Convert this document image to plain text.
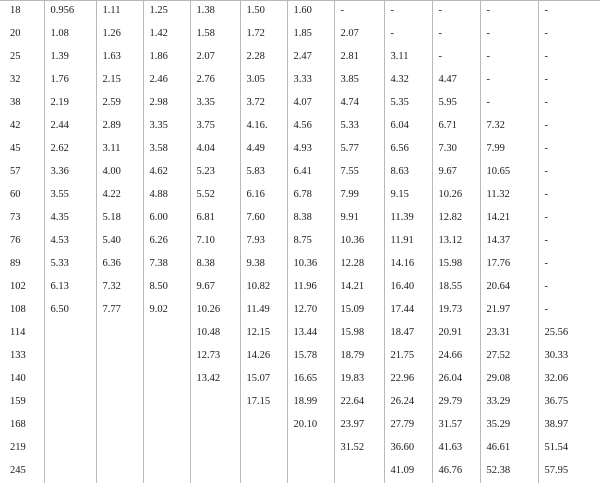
18	0.956	1.11	1.25	1.38	1.50	1.60	-	-	-	-	-
20	1.08	1.26	1.42	1.58	1.72	1.85	2.07	-	-	-	-
25	1.39	1.63	1.86	2.07	2.28	2.47	2.81	3.11	-	-	-
32	1.76	2.15	2.46	2.76	3.05	3.33	3.85	4.32	4.47	-	-
38	2.19	2.59	2.98	3.35	3.72	4.07	4.74	5.35	5.95	-	-
42	2.44	2.89	3.35	3.75	4.16.	4.56	5.33	6.04	6.71	7.32	-
45	2.62	3.11	3.58	4.04	4.49	4.93	5.77	6.56	7.30	7.99	-
57	3.36	4.00	4.62	5.23	5.83	6.41	7.55	8.63	9.67	10.65	-
60	3.55	4.22	4.88	5.52	6.16	6.78	7.99	9.15	10.26	11.32	-
73	4.35	5.18	6.00	6.81	7.60	8.38	9.91	11.39	12.82	14.21	-
76	4.53	5.40	6.26	7.10	7.93	8.75	10.36	11.91	13.12	14.37	-
89	5.33	6.36	7.38	8.38	9.38	10.36	12.28	14.16	15.98	17.76	-
102	6.13	7.32	8.50	9.67	10.82	11.96	14.21	16.40	18.55	20.64	-
108	6.50	7.77	9.02	10.26	11.49	12.70	15.09	17.44	19.73	21.97	-
114				10.48	12.15	13.44	15.98	18.47	20.91	23.31	25.56
133				12.73	14.26	15.78	18.79	21.75	24.66	27.52	30.33
140				13.42	15.07	16.65	19.83	22.96	26.04	29.08	32.06
159					17.15	18.99	22.64	26.24	29.79	33.29	36.75
168						20.10	23.97	27.79	31.57	35.29	38.97
219							31.52	36.60	41.63	46.61	51.54
245								41.09	46.76	52.38	57.95
